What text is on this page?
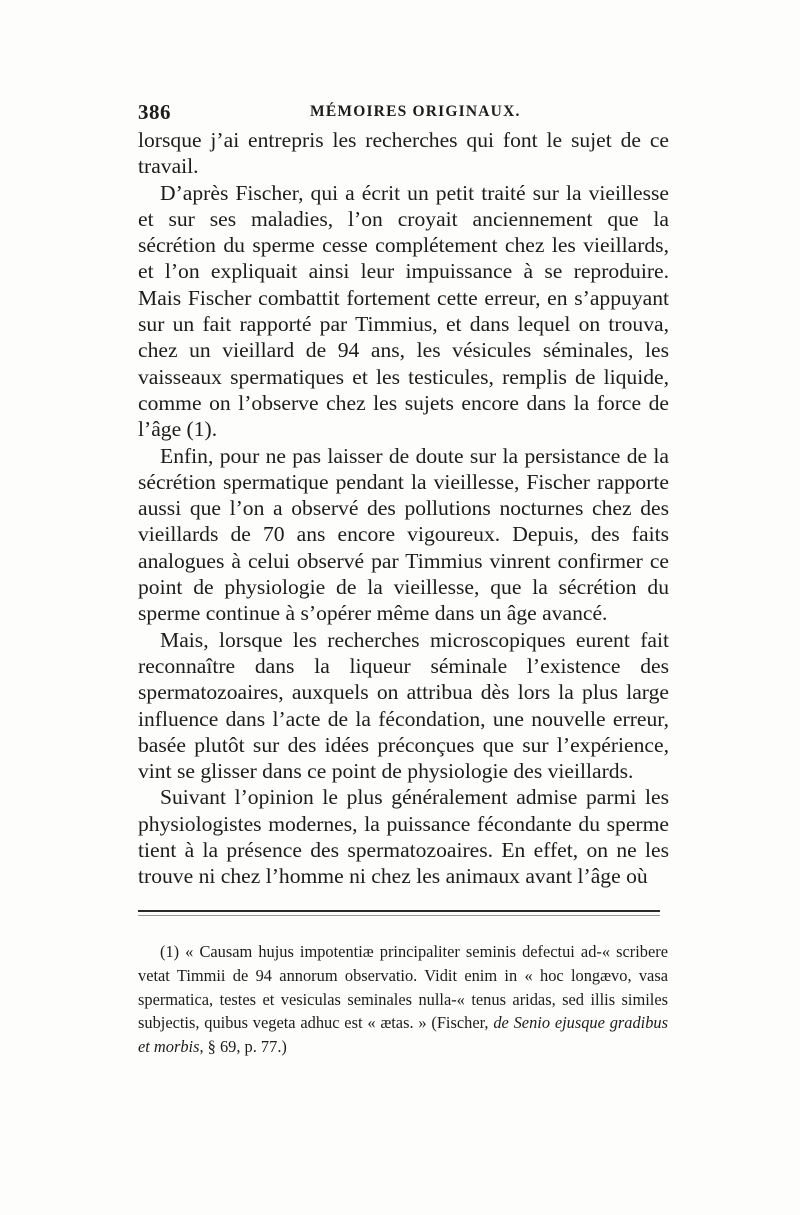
386	MÉMOIRES ORIGINAUX.

lorsque j’ai entrepris les recherches qui font le sujet de ce travail.

D’après Fischer, qui a écrit un petit traité sur la vieillesse et sur ses maladies, l’on croyait anciennement que la sécrétion du sperme cesse complétement chez les vieillards, et l’on expliquait ainsi leur impuissance à se reproduire. Mais Fischer combattit fortement cette erreur, en s’appuyant sur un fait rapporté par Timmius, et dans lequel on trouva, chez un vieillard de 94 ans, les vésicules séminales, les vaisseaux spermatiques et les testicules, remplis de liquide, comme on l’observe chez les sujets encore dans la force de l’âge (1).

Enfin, pour ne pas laisser de doute sur la persistance de la sécrétion spermatique pendant la vieillesse, Fischer rapporte aussi que l’on a observé des pollutions nocturnes chez des vieillards de 70 ans encore vigoureux. Depuis, des faits analogues à celui observé par Timmius vinrent confirmer ce point de physiologie de la vieillesse, que la sécrétion du sperme continue à s’opérer même dans un âge avancé.

Mais, lorsque les recherches microscopiques eurent fait reconnaître dans la liqueur séminale l’existence des spermatozoaires, auxquels on attribua dès lors la plus large influence dans l’acte de la fécondation, une nouvelle erreur, basée plutôt sur des idées préconçues que sur l’expérience, vint se glisser dans ce point de physiologie des vieillards.

Suivant l’opinion le plus généralement admise parmi les physiologistes modernes, la puissance fécondante du sperme tient à la présence des spermatozoaires. En effet, on ne les trouve ni chez l’homme ni chez les animaux avant l’âge où

(1) « Causam hujus impotentiæ principaliter seminis defectui ad-« scribere vetat Timmii de 94 annorum observatio. Vidit enim in « hoc longævo, vasa spermatica, testes et vesiculas seminales nulla-« tenus aridas, sed illis similes subjectis, quibus vegeta adhuc est « ætas. » (Fischer, de Senio ejusque gradibus et morbis, § 69, p. 77.)
